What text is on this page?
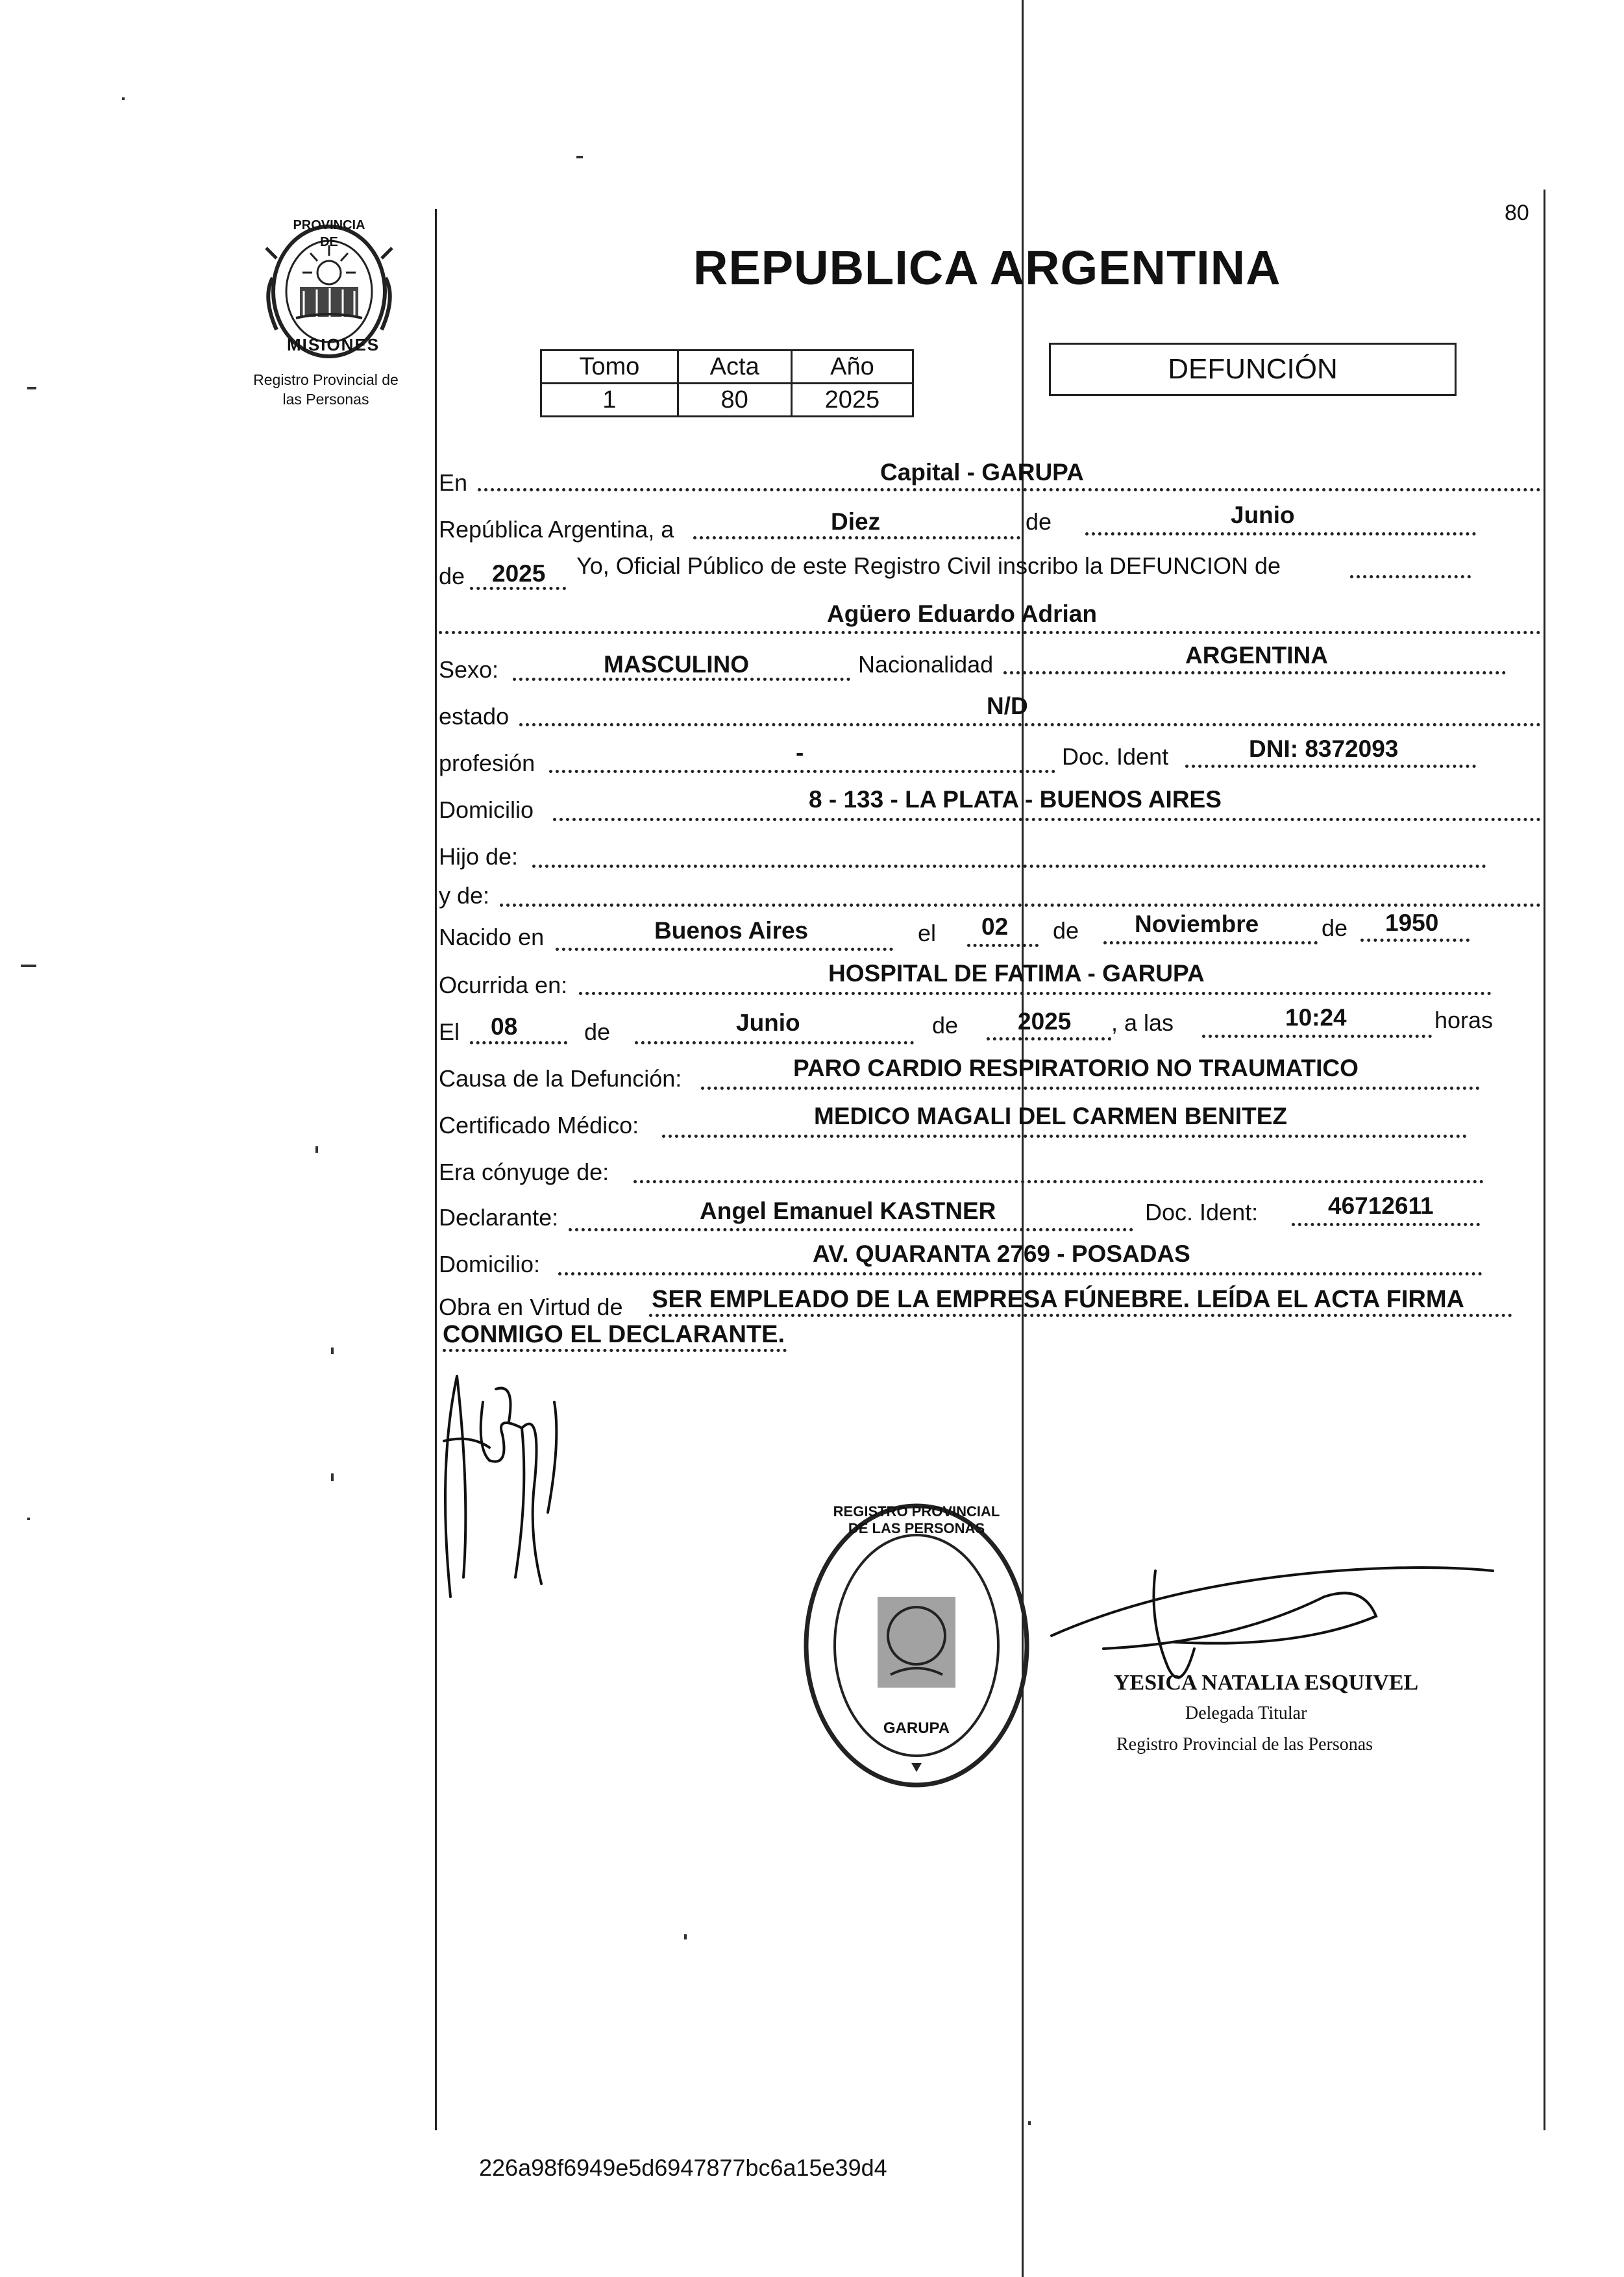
80
PROVINCIA DE
MISIONES
Registro Provincial de
las Personas
REPUBLICA ARGENTINA
Tomo	Acta	Año
1	80	2025
DEFUNCIÓN
En	Capital - GARUPA
República Argentina, a	Diez	de	Junio
de 2025 Yo, Oficial Público de este Registro Civil inscribo la DEFUNCION de
Agüero Eduardo Adrian
Sexo:	MASCULINO	Nacionalidad	ARGENTINA
estado	N/D
profesión	-	Doc. Ident	DNI: 8372093
Domicilio	8 - 133 - LA PLATA - BUENOS AIRES
Hijo de:
y de:
Nacido en	Buenos Aires	el 02 de Noviembre	de 1950
Ocurrida en:	HOSPITAL DE FATIMA - GARUPA
El 08	de	Junio	de 2025 , a las	10:24	horas
Causa de la Defunción:	PARO CARDIO RESPIRATORIO NO TRAUMATICO
Certificado Médico:	MEDICO MAGALI DEL CARMEN BENITEZ
Era cónyuge de:
Declarante:	Angel Emanuel KASTNER	Doc. Ident:	46712611
Domicilio:	AV. QUARANTA 2769 - POSADAS
Obra en Virtud de SER EMPLEADO DE LA EMPRESA FÚNEBRE. LEÍDA EL ACTA FIRMA
CONMIGO EL DECLARANTE.
REGISTRO PROVINCIAL DE LAS PERSONAS
GARUPA
YESICA NATALIA ESQUIVEL
Delegada Titular
Registro Provincial de las Personas
226a98f6949e5d6947877bc6a15e39d4
